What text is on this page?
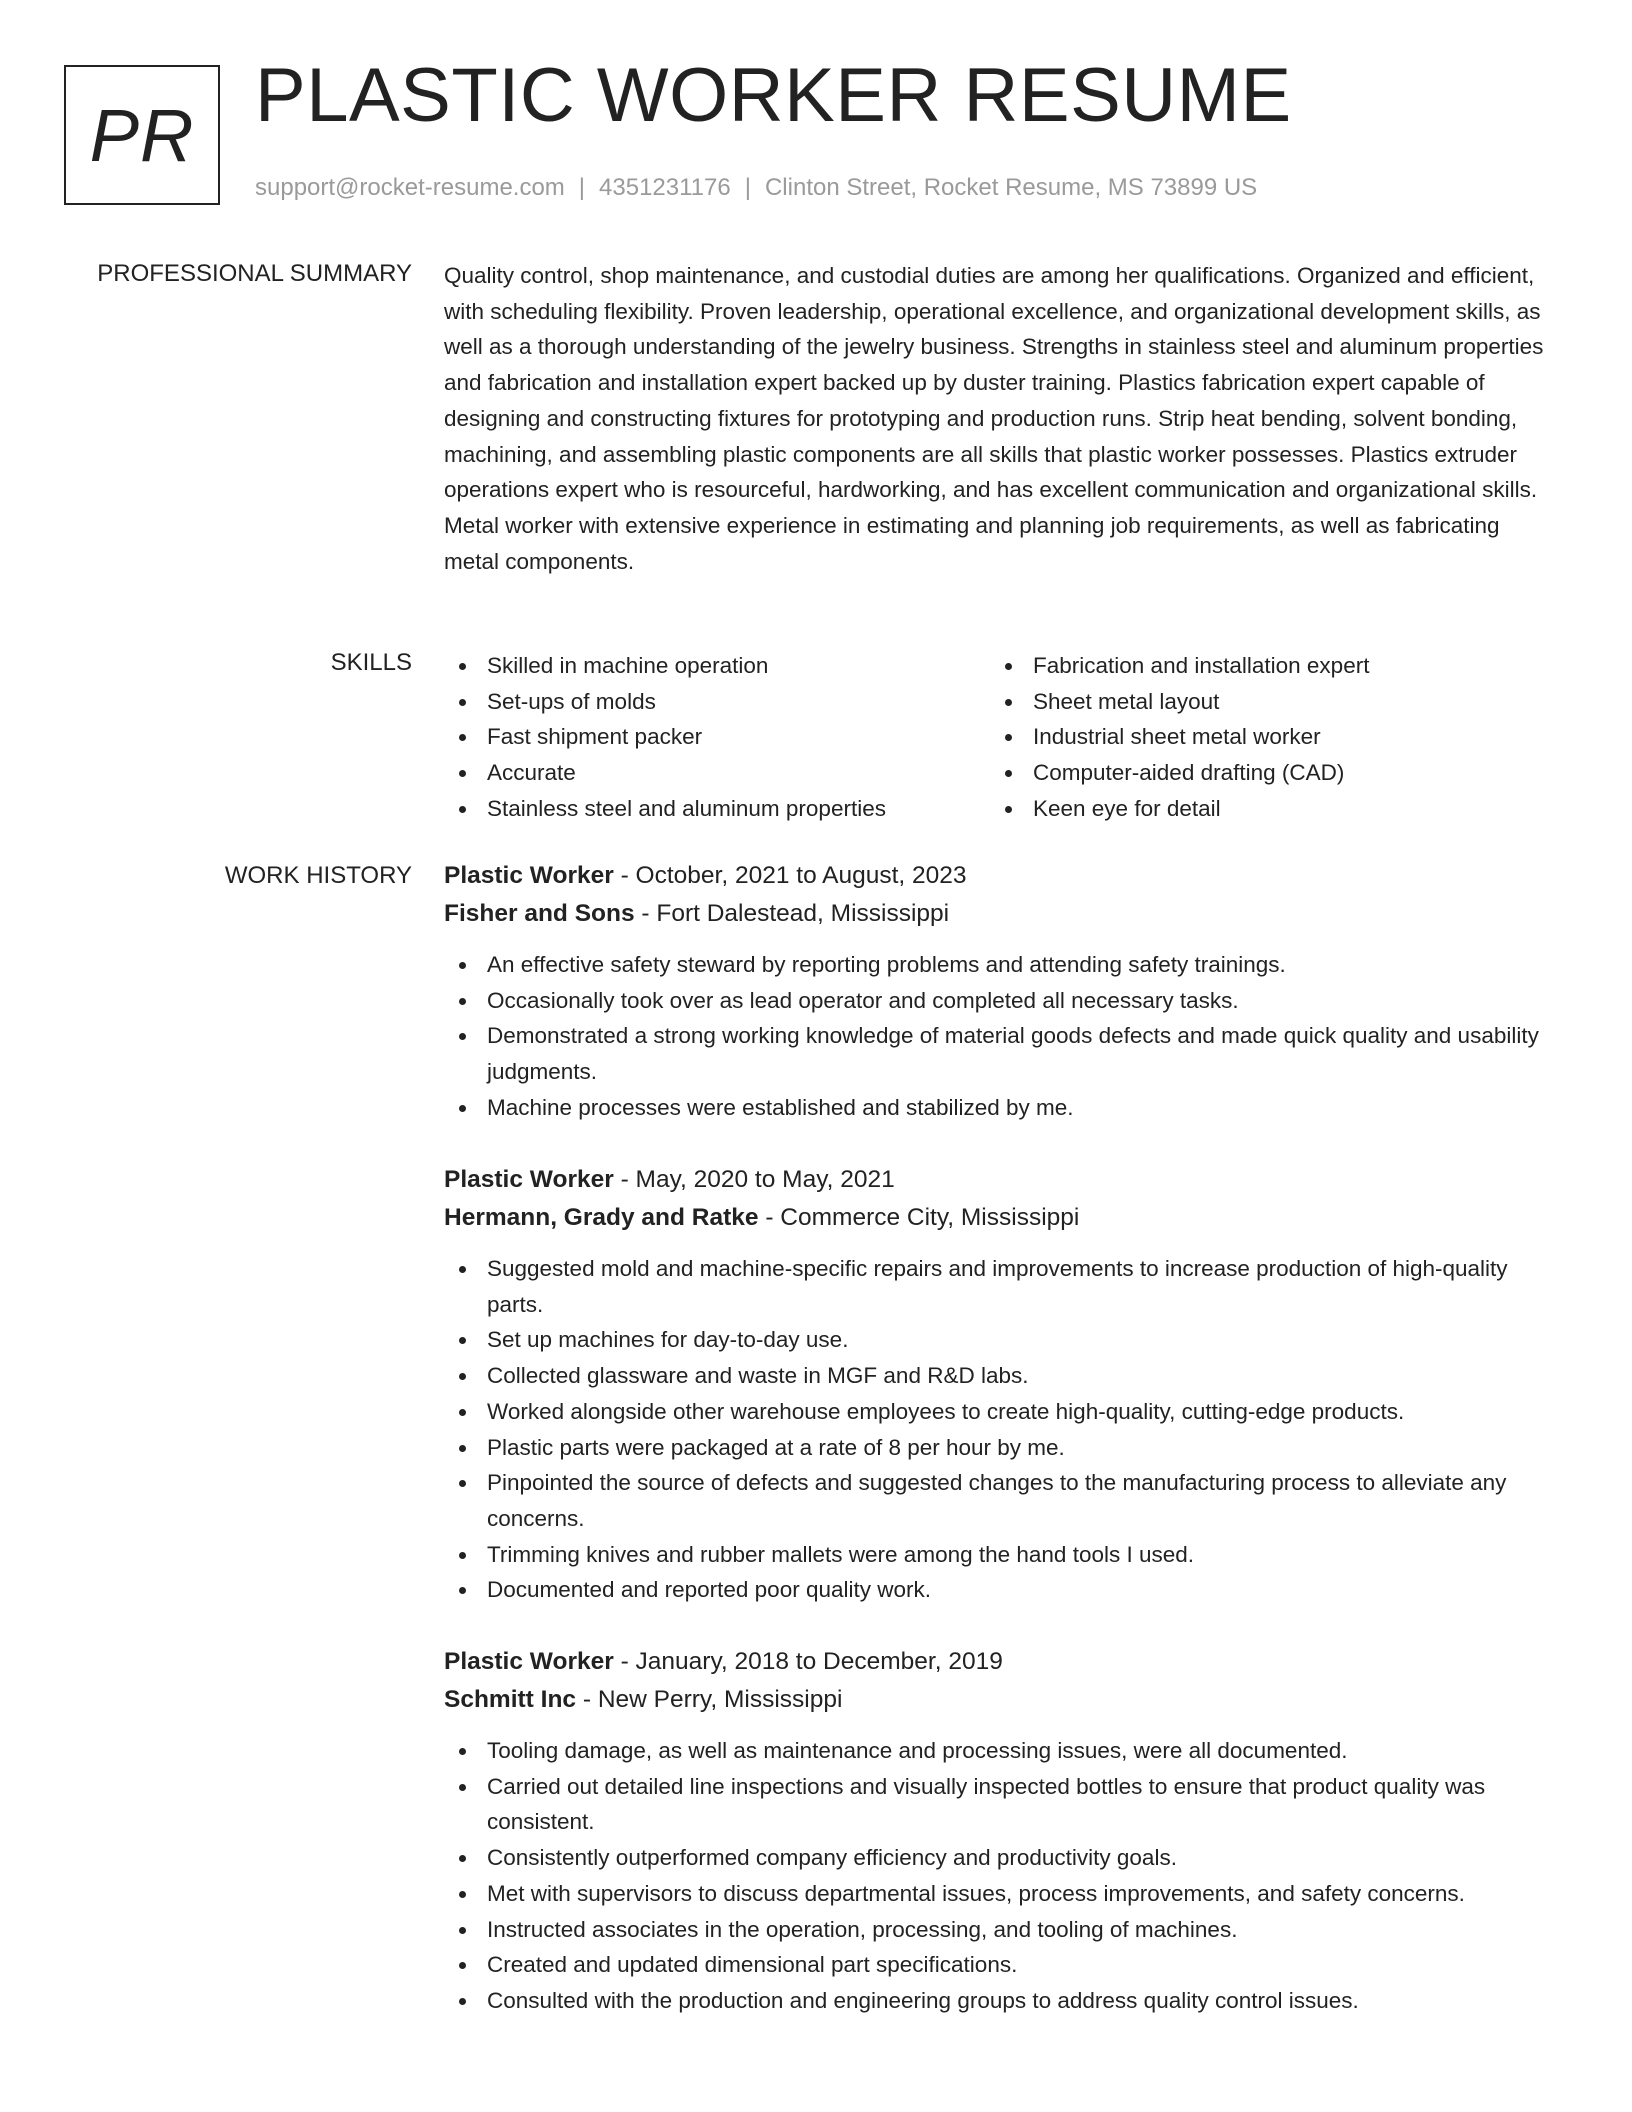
PR PLASTIC WORKER RESUME
support@rocket-resume.com | 4351231176 | Clinton Street, Rocket Resume, MS 73899 US
PROFESSIONAL SUMMARY Quality control, shop maintenance, and custodial duties are among her qualifications. Organized and efficient, with scheduling flexibility. Proven leadership, operational excellence, and organizational development skills, as well as a thorough understanding of the jewelry business. Strengths in stainless steel and aluminum properties and fabrication and installation expert backed up by duster training. Plastics fabrication expert capable of designing and constructing fixtures for prototyping and production runs. Strip heat bending, solvent bonding, machining, and assembling plastic components are all skills that plastic worker possesses. Plastics extruder operations expert who is resourceful, hardworking, and has excellent communication and organizational skills. Metal worker with extensive experience in estimating and planning job requirements, as well as fabricating metal components.
SKILLS	Skilled in machine operation
Set-ups of molds
Fast shipment packer
Accurate
Stainless steel and aluminum properties
Fabrication and installation expert
Sheet metal layout
Industrial sheet metal worker
Computer-aided drafting (CAD)
Keen eye for detail
WORK HISTORY Plastic Worker - October, 2021 to August, 2023
Fisher and Sons - Fort Dalestead, Mississippi
An effective safety steward by reporting problems and attending safety trainings.
Occasionally took over as lead operator and completed all necessary tasks.
Demonstrated a strong working knowledge of material goods defects and made quick quality and usability judgments.
Machine processes were established and stabilized by me.
Plastic Worker - May, 2020 to May, 2021
Hermann, Grady and Ratke - Commerce City, Mississippi
Suggested mold and machine-specific repairs and improvements to increase production of high-quality parts.
Set up machines for day-to-day use.
Collected glassware and waste in MGF and R&D labs.
Worked alongside other warehouse employees to create high-quality, cutting-edge products.
Plastic parts were packaged at a rate of 8 per hour by me.
Pinpointed the source of defects and suggested changes to the manufacturing process to alleviate any concerns.
Trimming knives and rubber mallets were among the hand tools I used.
Documented and reported poor quality work.
Plastic Worker - January, 2018 to December, 2019
Schmitt Inc - New Perry, Mississippi
Tooling damage, as well as maintenance and processing issues, were all documented.
Carried out detailed line inspections and visually inspected bottles to ensure that product quality was consistent.
Consistently outperformed company efficiency and productivity goals.
Met with supervisors to discuss departmental issues, process improvements, and safety concerns.
Instructed associates in the operation, processing, and tooling of machines.
Created and updated dimensional part specifications.
Consulted with the production and engineering groups to address quality control issues.
